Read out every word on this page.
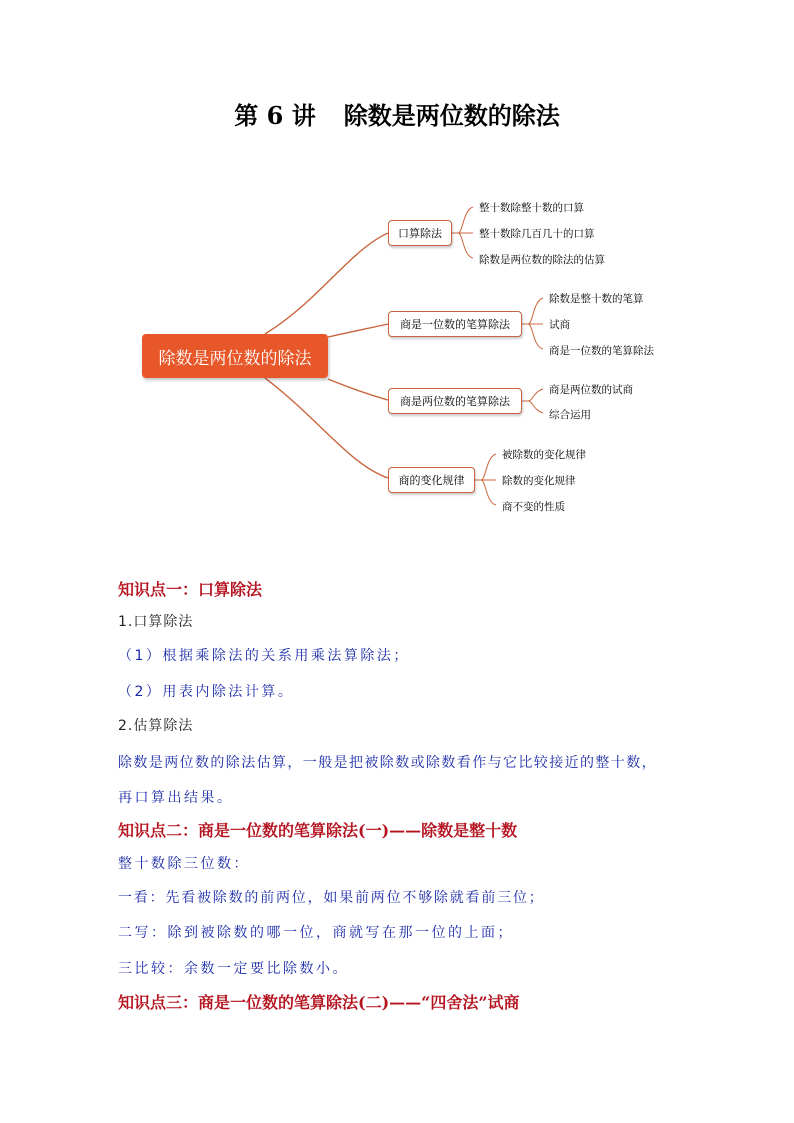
第 6 讲 除数是两位数的除法
除数是两位数的除法
口算除法
整十数除整十数的口算
整十数除几百几十的口算
除数是两位数的除法的估算
商是一位数的笔算除法
除数是整十数的笔算
试商
商是一位数的笔算除法
商是两位数的笔算除法
商是两位数的试商
综合运用
商的变化规律
被除数的变化规律
除数的变化规律
商不变的性质
知识点一：口算除法
1.口算除法
（1）根据乘除法的关系用乘法算除法；
（2）用表内除法计算。
2.估算除法
除数是两位数的除法估算，一般是把被除数或除数看作与它比较接近的整十数，
再口算出结果。
知识点二：商是一位数的笔算除法(一)——除数是整十数
整十数除三位数：
一看：先看被除数的前两位，如果前两位不够除就看前三位；
二写：除到被除数的哪一位，商就写在那一位的上面；
三比较：余数一定要比除数小。
知识点三：商是一位数的笔算除法(二)——“四舍法”试商
